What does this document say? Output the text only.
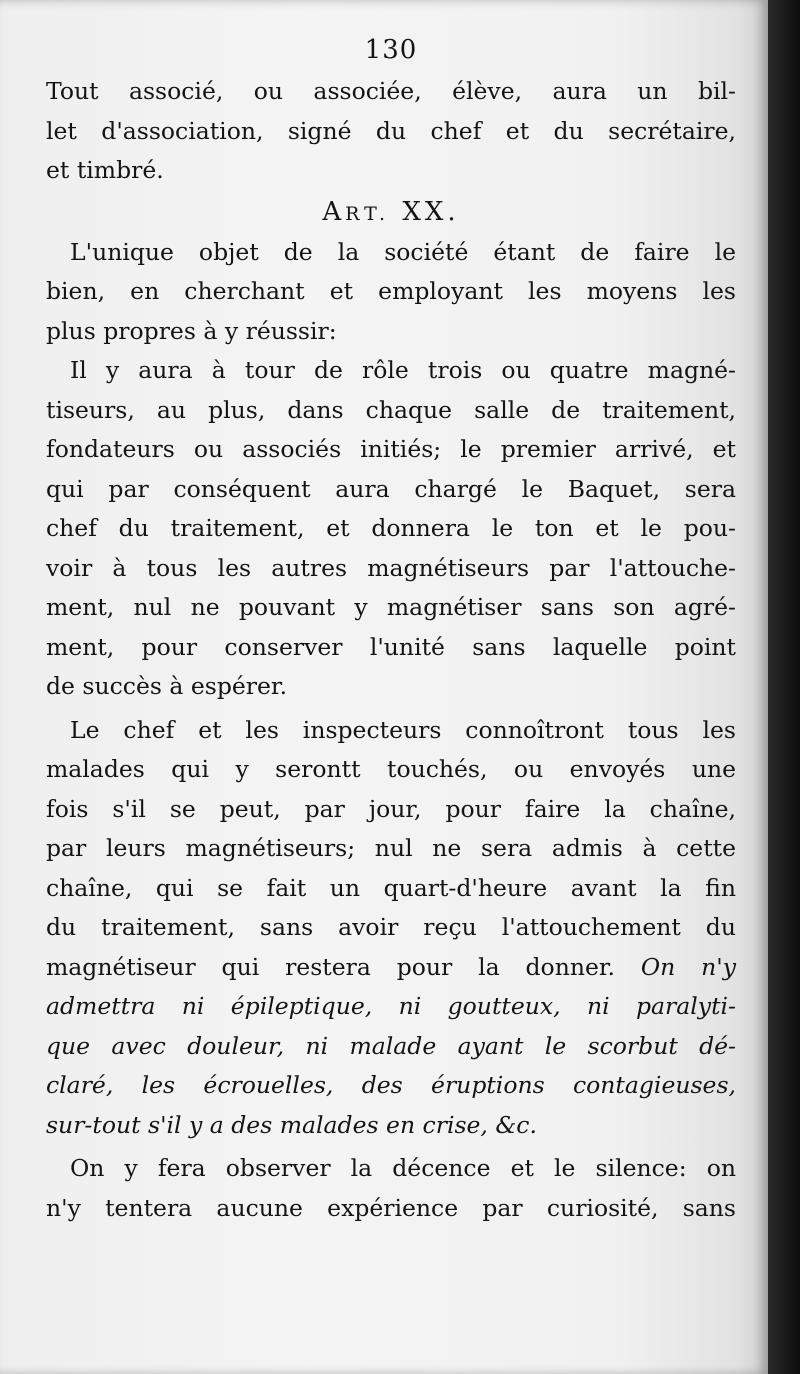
130
Tout associé, ou associée, élève, aura un bil-
let d'association, signé du chef et du secrétaire,
et timbré.
ART. XX.
L'unique objet de la société étant de faire le
bien, en cherchant et employant les moyens les
plus propres à y réussir:
Il y aura à tour de rôle trois ou quatre magné-
tiseurs, au plus, dans chaque salle de traitement,
fondateurs ou associés initiés; le premier arrivé, et
qui par conséquent aura chargé le Baquet, sera
chef du traitement, et donnera le ton et le pou-
voir à tous les autres magnétiseurs par l'attouche-
ment, nul ne pouvant y magnétiser sans son agré-
ment, pour conserver l'unité sans laquelle point
de succès à espérer.
Le chef et les inspecteurs connoîtront tous les
malades qui y serontt touchés, ou envoyés une
fois s'il se peut, par jour, pour faire la chaîne,
par leurs magnétiseurs; nul ne sera admis à cette
chaîne, qui se fait un quart-d'heure avant la fin
du traitement, sans avoir reçu l'attouchement du
magnétiseur qui restera pour la donner. On n'y
admettra ni épileptique, ni goutteux, ni paralyti-
que avec douleur, ni malade ayant le scorbut dé-
claré, les écrouelles, des éruptions contagieuses,
sur-tout s'il y a des malades en crise, &c.
On y fera observer la décence et le silence: on
n'y tentera aucune expérience par curiosité, sans
